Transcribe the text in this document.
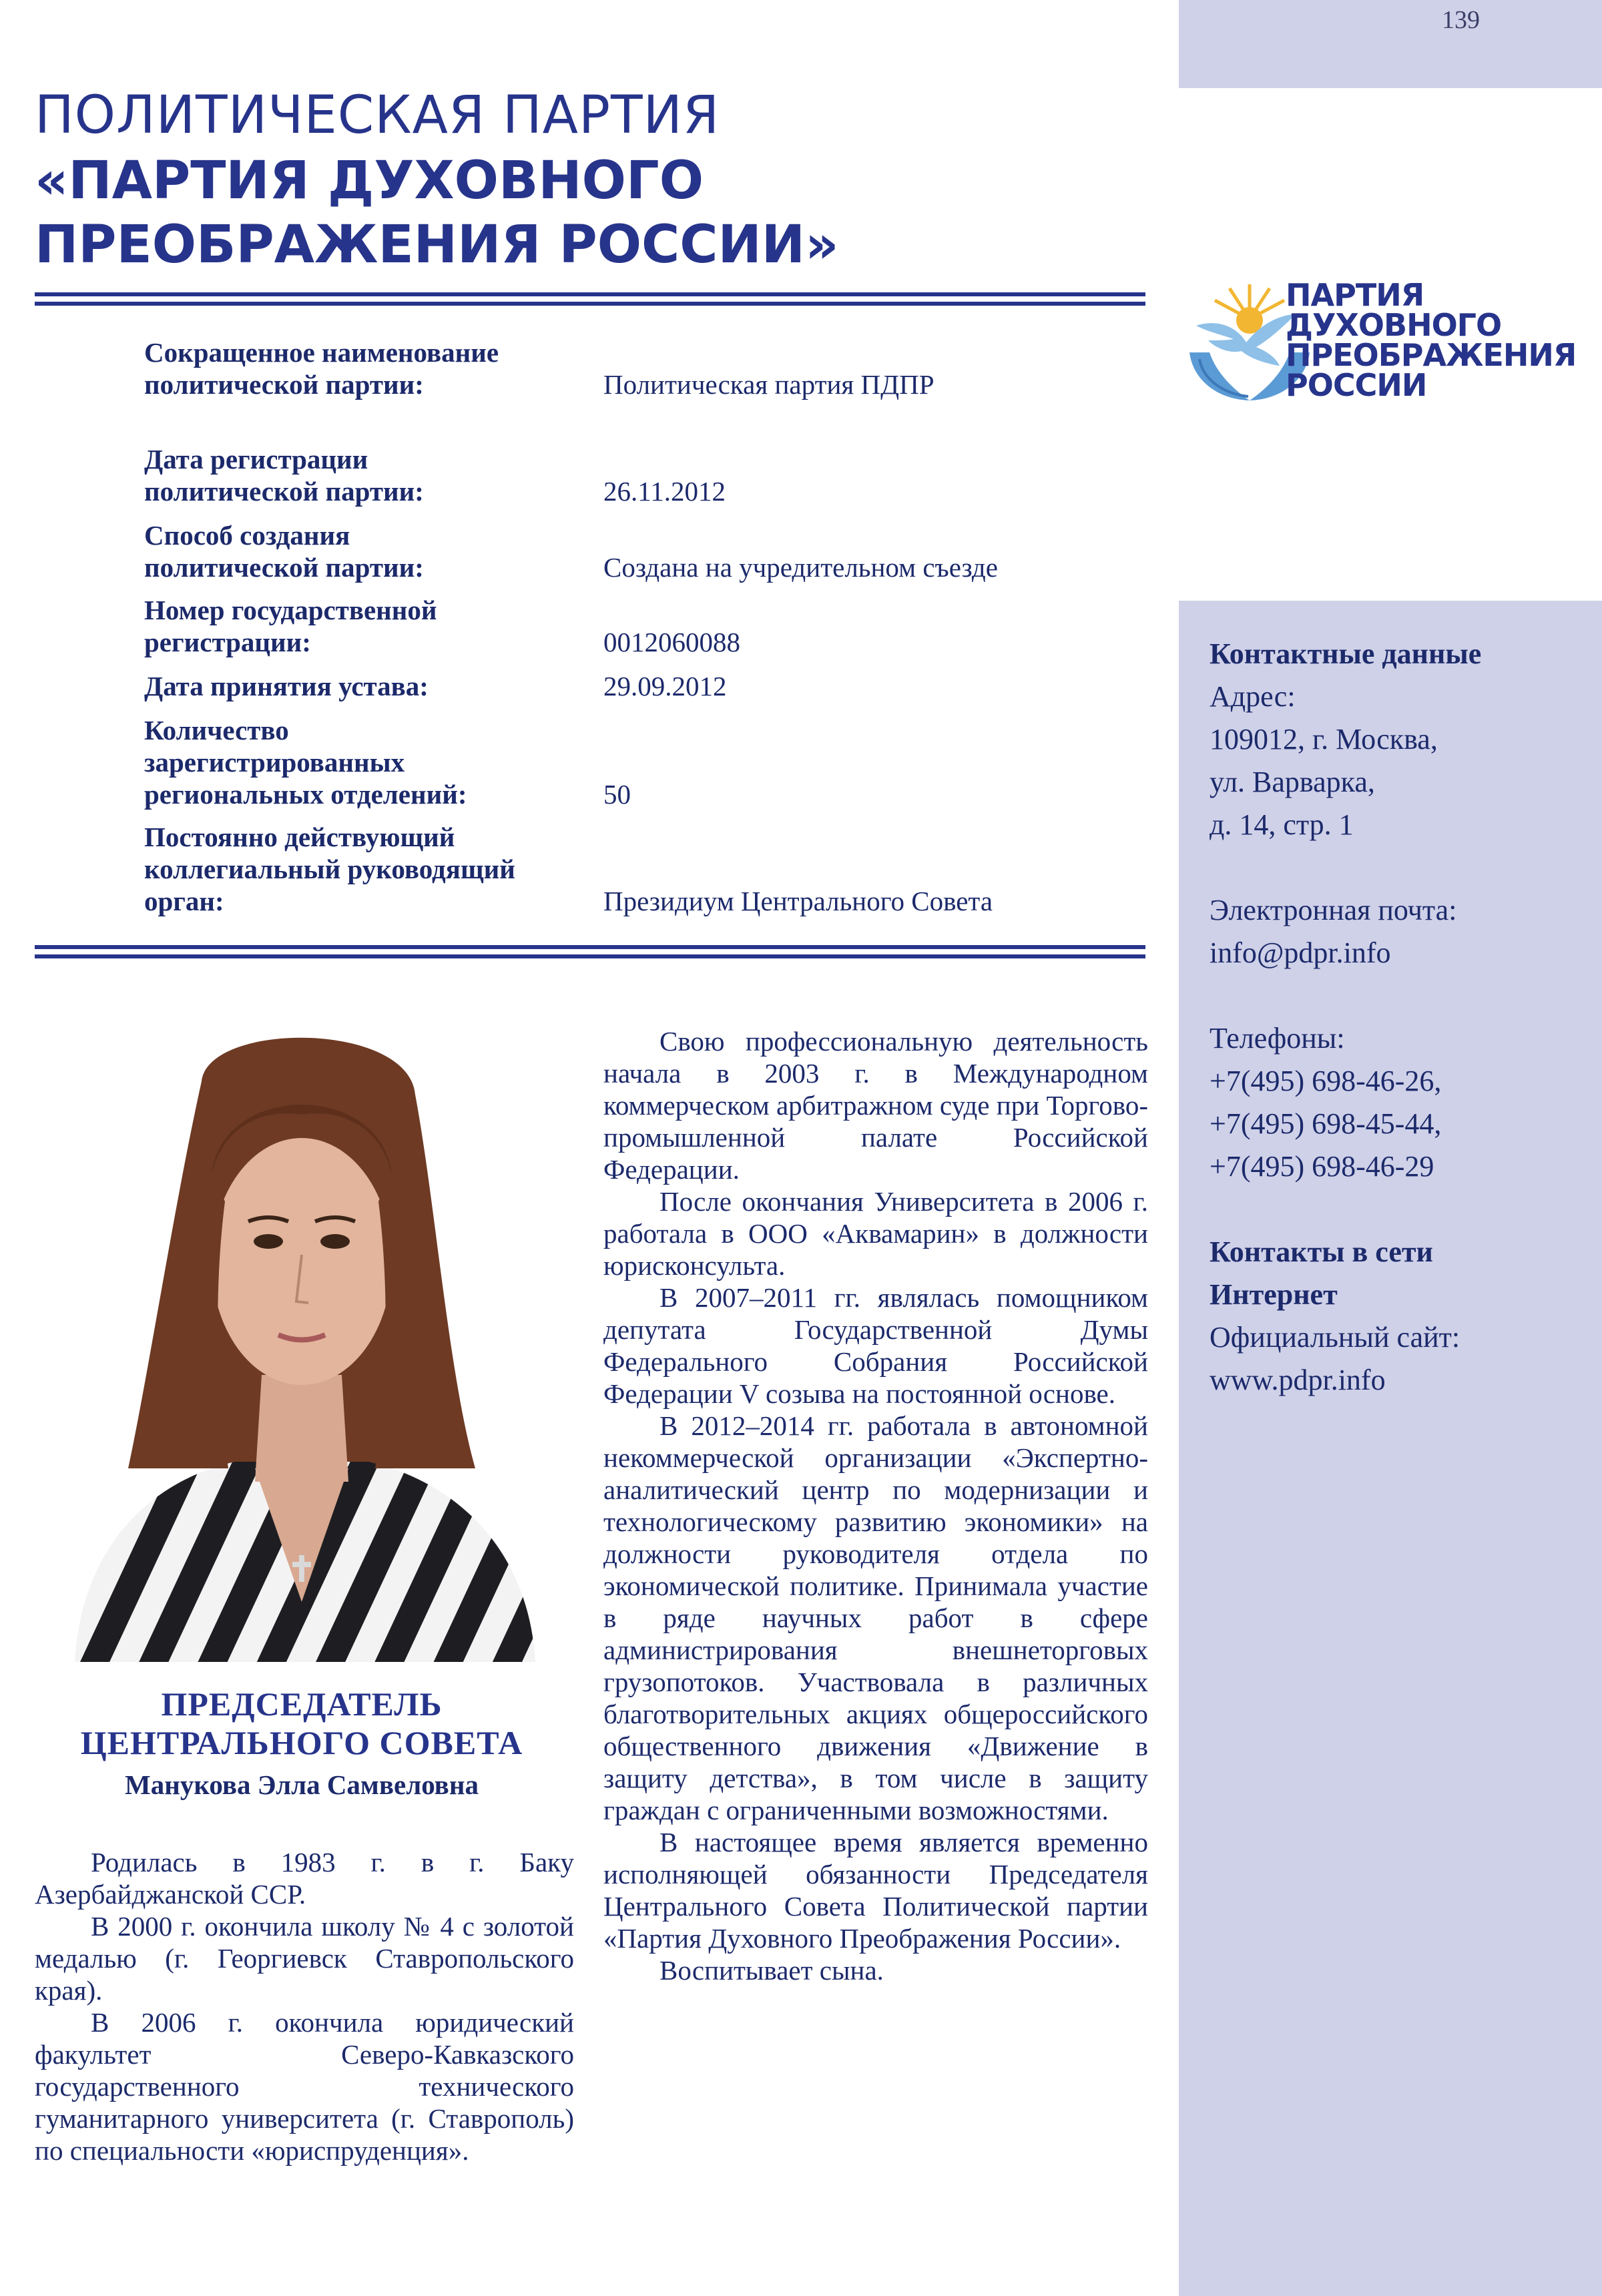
139
ПОЛИТИЧЕСКАЯ ПАРТИЯ
«ПАРТИЯ ДУХОВНОГО
ПРЕОБРАЖЕНИЯ РОССИИ»
ПАРТИЯ
ДУХОВНОГО
ПРЕОБРАЖЕНИЯ
РОССИИ
Сокращенное наименование политической партии:	Политическая партия ПДПР
Дата регистрации политической партии:	26.11.2012
Способ создания политической партии:	Создана на учредительном съезде
Номер государственной регистрации:	0012060088
Дата принятия устава:	29.09.2012
Количество зарегистрированных региональных отделений:	50
Постоянно действующий коллегиальный руководящий орган:	Президиум Центрального Совета
ПРЕДСЕДАТЕЛЬ
ЦЕНТРАЛЬНОГО СОВЕТА
Манукова Элла Самвеловна

Родилась в 1983 г. в г. Баку Азербайджанской ССР.

В 2000 г. окончила школу № 4 с золотой медалью (г. Георгиевск Ставропольского края).

В 2006 г. окончила юридический факультет Северо-Кавказского государственного технического гуманитарного университета (г. Ставрополь) по специальности «юриспруденция».

Свою профессиональную деятельность начала в 2003 г. в Международном коммерческом арбитражном суде при Торгово-промышленной палате Российской Федерации.

После окончания Университета в 2006 г. работала в ООО «Аквамарин» в должности юрисконсульта.

В 2007–2011 гг. являлась помощником депутата Государственной Думы Федерального Собрания Российской Федерации V созыва на постоянной основе.

В 2012–2014 гг. работала в автономной некоммерческой организации «Экспертно-аналитический центр по модернизации и технологическому развитию экономики» на должности руководителя отдела по экономической политике. Принимала участие в ряде научных работ в сфере администрирования внешнеторговых грузопотоков. Участвовала в различных благотворительных акциях общероссийского общественного движения «Движение в защиту детства», в том числе в защиту граждан с ограниченными возможностями.

В настоящее время является временно исполняющей обязанности Председателя Центрального Совета Политической партии «Партия Духовного Преображения России».

Воспитывает сына.

Контактные данные
Адрес:
109012, г. Москва,
ул. Варварка,
д. 14, стр. 1
Электронная почта:
info@pdpr.info
Телефоны:
+7(495) 698-46-26,
+7(495) 698-45-44,
+7(495) 698-46-29
Контакты в сети
Интернет
Официальный сайт:
www.pdpr.info
